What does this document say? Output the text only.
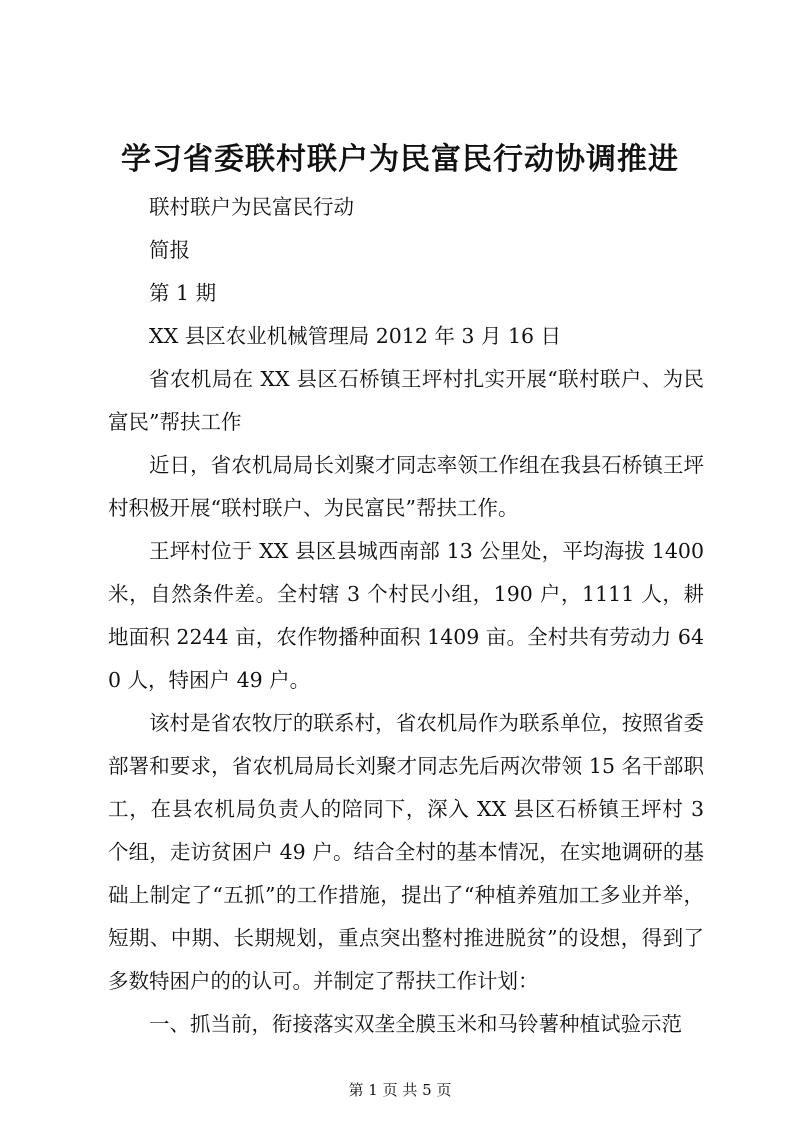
学习省委联村联户为民富民行动协调推进

联村联户为民富民行动

简报

第 1 期

XX 县区农业机械管理局 2012 年 3 月 16 日

省农机局在 XX 县区石桥镇王坪村扎实开展“联村联户、为民富民”帮扶工作

近日，省农机局局长刘聚才同志率领工作组在我县石桥镇王坪村积极开展“联村联户、为民富民”帮扶工作。

王坪村位于 XX 县区县城西南部 13 公里处，平均海拔 1400 米，自然条件差。全村辖 3 个村民小组，190 户，1111 人，耕地面积 2244 亩，农作物播种面积 1409 亩。全村共有劳动力 640 人，特困户 49 户。

该村是省农牧厅的联系村，省农机局作为联系单位，按照省委部署和要求，省农机局局长刘聚才同志先后两次带领 15 名干部职工，在县农机局负责人的陪同下，深入 XX 县区石桥镇王坪村 3 个组，走访贫困户 49 户。结合全村的基本情况，在实地调研的基础上制定了“五抓”的工作措施，提出了“种植养殖加工多业并举，短期、中期、长期规划，重点突出整村推进脱贫”的设想，得到了多数特困户的的认可。并制定了帮扶工作计划：

一、抓当前，衔接落实双垄全膜玉米和马铃薯种植试验示范

第 1 页 共 5 页
